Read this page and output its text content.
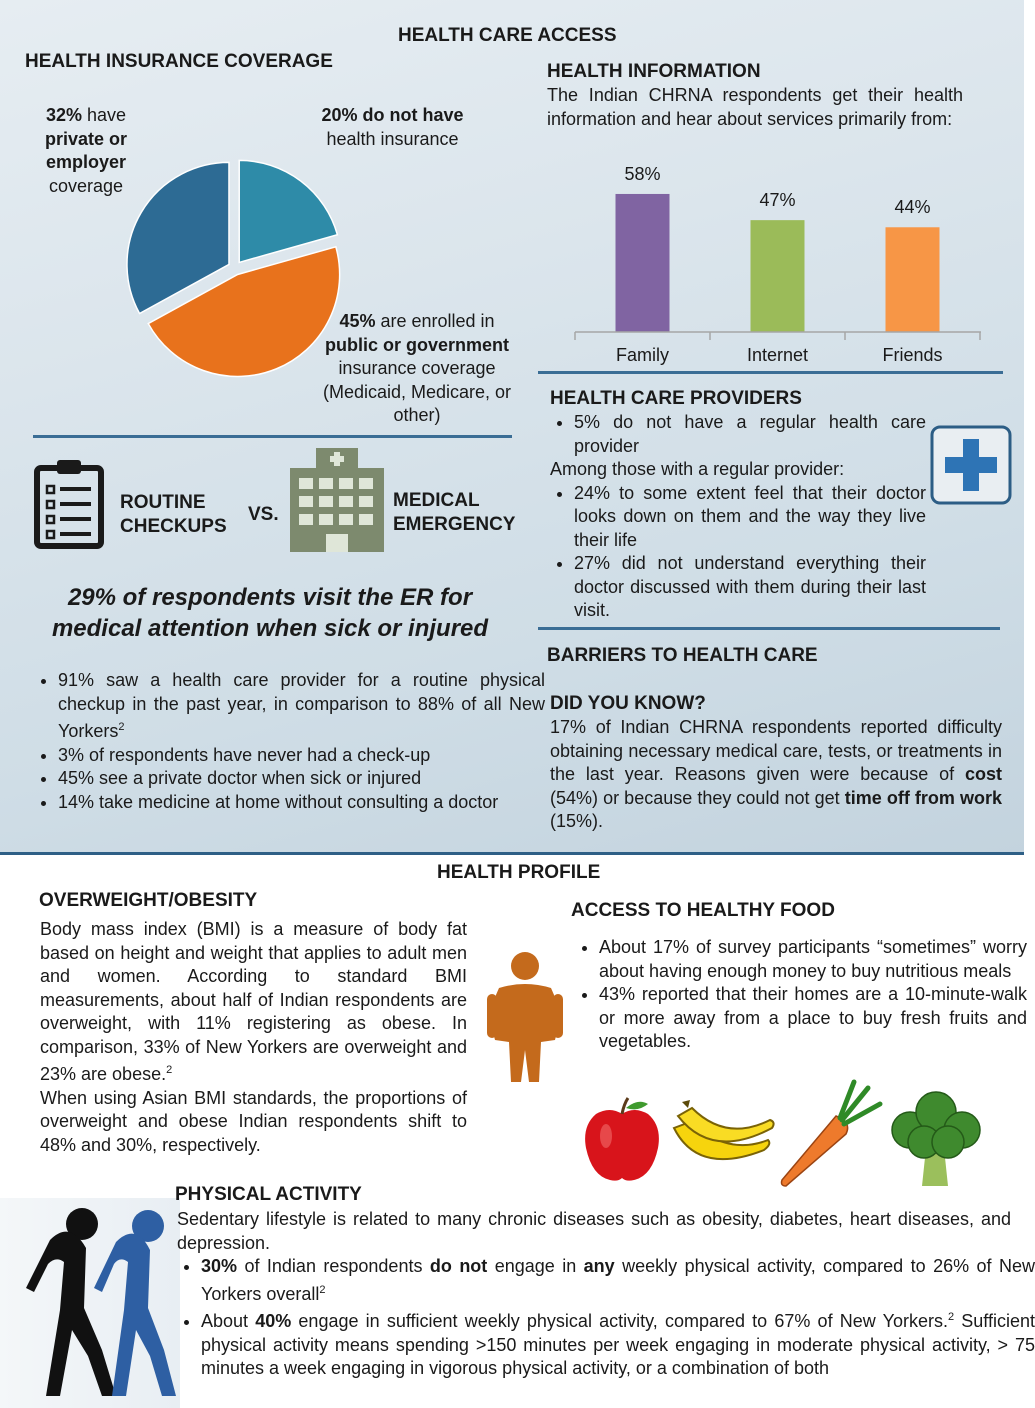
HEALTH CARE ACCESS
HEALTH INSURANCE COVERAGE
32% have
private or employer
coverage
20% do not have
health insurance
45% are enrolled in
public or government
insurance coverage (Medicaid, Medicare, or other)
ROUTINE
CHECKUPS
VS.
MEDICAL
EMERGENCY
29% of respondents visit the ER for
medical attention when sick or injured
• 91% saw a health care provider for a routine physical checkup in the past year, in comparison to 88% of all New Yorkers$^2$
• 3% of respondents have never had a check-up
• 45% see a private doctor when sick or injured
• 14% take medicine at home without consulting a doctor
HEALTH INFORMATION
The Indian CHRNA respondents get their health information and hear about services primarily from:
58%
Family
47%
Internet
44%
Friends
HEALTH CARE PROVIDERS
• 5% do not have a regular health care provider
Among those with a regular provider:
• 24% to some extent feel that their doctor looks down on them and the way they live their life
• 27% did not understand everything their doctor discussed with them during their last visit.
BARRIERS TO HEALTH CARE
DID YOU KNOW?
17% of Indian CHRNA respondents reported difficulty obtaining necessary medical care, tests, or treatments in the last year. Reasons given were because of cost (54%) or because they could not get time off from work (15%).
HEALTH PROFILE
OVERWEIGHT/OBESITY
Body mass index (BMI) is a measure of body fat based on height and weight that applies to adult men and women. According to standard BMI measurements, about half of Indian respondents are overweight, with 11% registering as obese. In comparison, 33% of New Yorkers are overweight and 23% are obese.$^2$
When using Asian BMI standards, the proportions of overweight and obese Indian respondents shift to 48% and 30%, respectively.
ACCESS TO HEALTHY FOOD
• About 17% of survey participants “sometimes” worry about having enough money to buy nutritious meals
• 43% reported that their homes are a 10-minute-walk or more away from a place to buy fresh fruits and vegetables.
PHYSICAL ACTIVITY
Sedentary lifestyle is related to many chronic diseases such as obesity, diabetes, heart diseases, and depression.
• 30% of Indian respondents do not engage in any weekly physical activity, compared to 26% of New Yorkers overall$^2$
• About 40% engage in sufficient weekly physical activity, compared to 67% of New Yorkers.$^2$ Sufficient physical activity means spending >150 minutes per week engaging in moderate physical activity, > 75 minutes a week engaging in vigorous physical activity, or a combination of both
